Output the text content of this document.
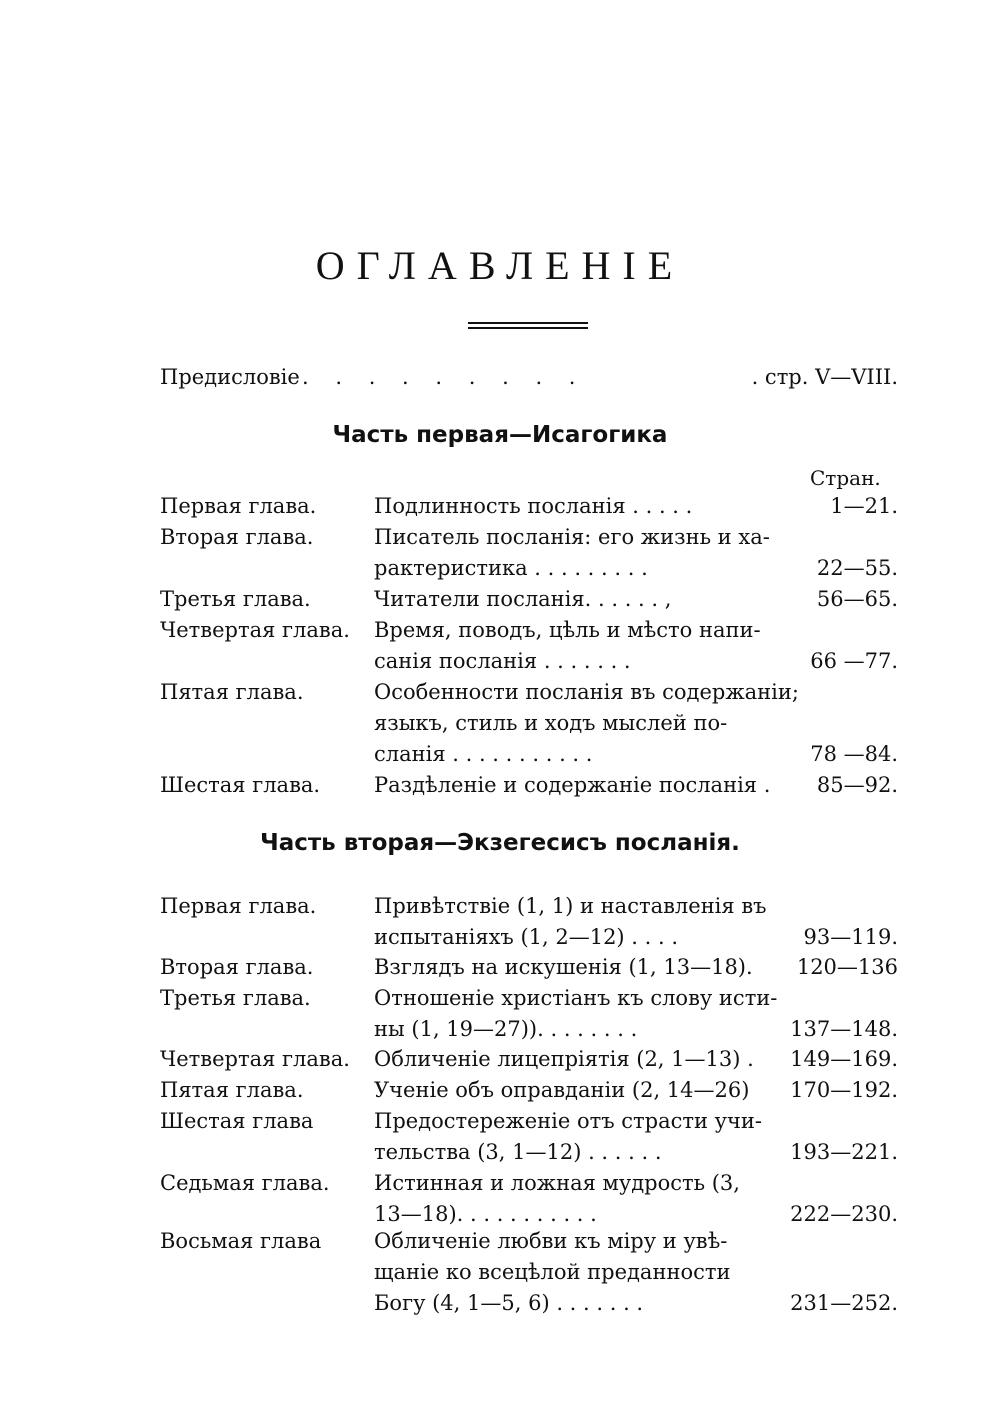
ОГЛАВЛЕНІЕ
Предисловіе . . . . . . . . .	. стр. V—VIII.
Часть первая—Исагогика
Стран.
Первая глава.	Подлинность посланія . . . . .	1—21.
Вторая глава.	Писатель посланія: его жизнь и ха-
рактеристика . . . . . . . . .	22—55.
Третья глава.	Читатели посланія. . . . . . ,	56—65.
Четвертая глава. Время, поводъ, цѣль и мѣсто напи-
санія посланія . . . . . . .	66 —77.
Пятая глава.	Особенности посланія въ содержаніи;
языкъ, стиль и ходъ мыслей по-
сланія . . . . . . . . . . .	78 —84.
Шестая глава.	Раздѣленіе и содержаніе посланія . 85—92.
Часть вторая—Экзегесисъ посланія.
Первая глава.	Привѣтствіе (1, 1) и наставленія въ
испытаніяхъ (1, 2—12) . . . .	93—119.
Вторая глава.	Взглядъ на искушенія (1, 13—18). 120—136
Третья глава.	Отношеніе христіанъ къ слову исти-
ны (1, 19—27)). . . . . . . .	137—148.
Четвертая глава. Обличеніе лицепріятія (2, 1—13) . 149—169.
Пятая глава.	Ученіе объ оправданіи (2, 14—26) 170—192.
Шестая глава	Предостереженіе отъ страсти учи-
тельства (3, 1—12) . . . . . .	193—221.
Седьмая глава. Истинная и ложная мудрость (3,
13—18). . . . . . . . . . .	222—230.
Восьмая глава	Обличеніе любви къ міру и увѣ-
щаніе ко всецѣлой преданности
Богу (4, 1—5, 6) . . . . . . .	231—252.
